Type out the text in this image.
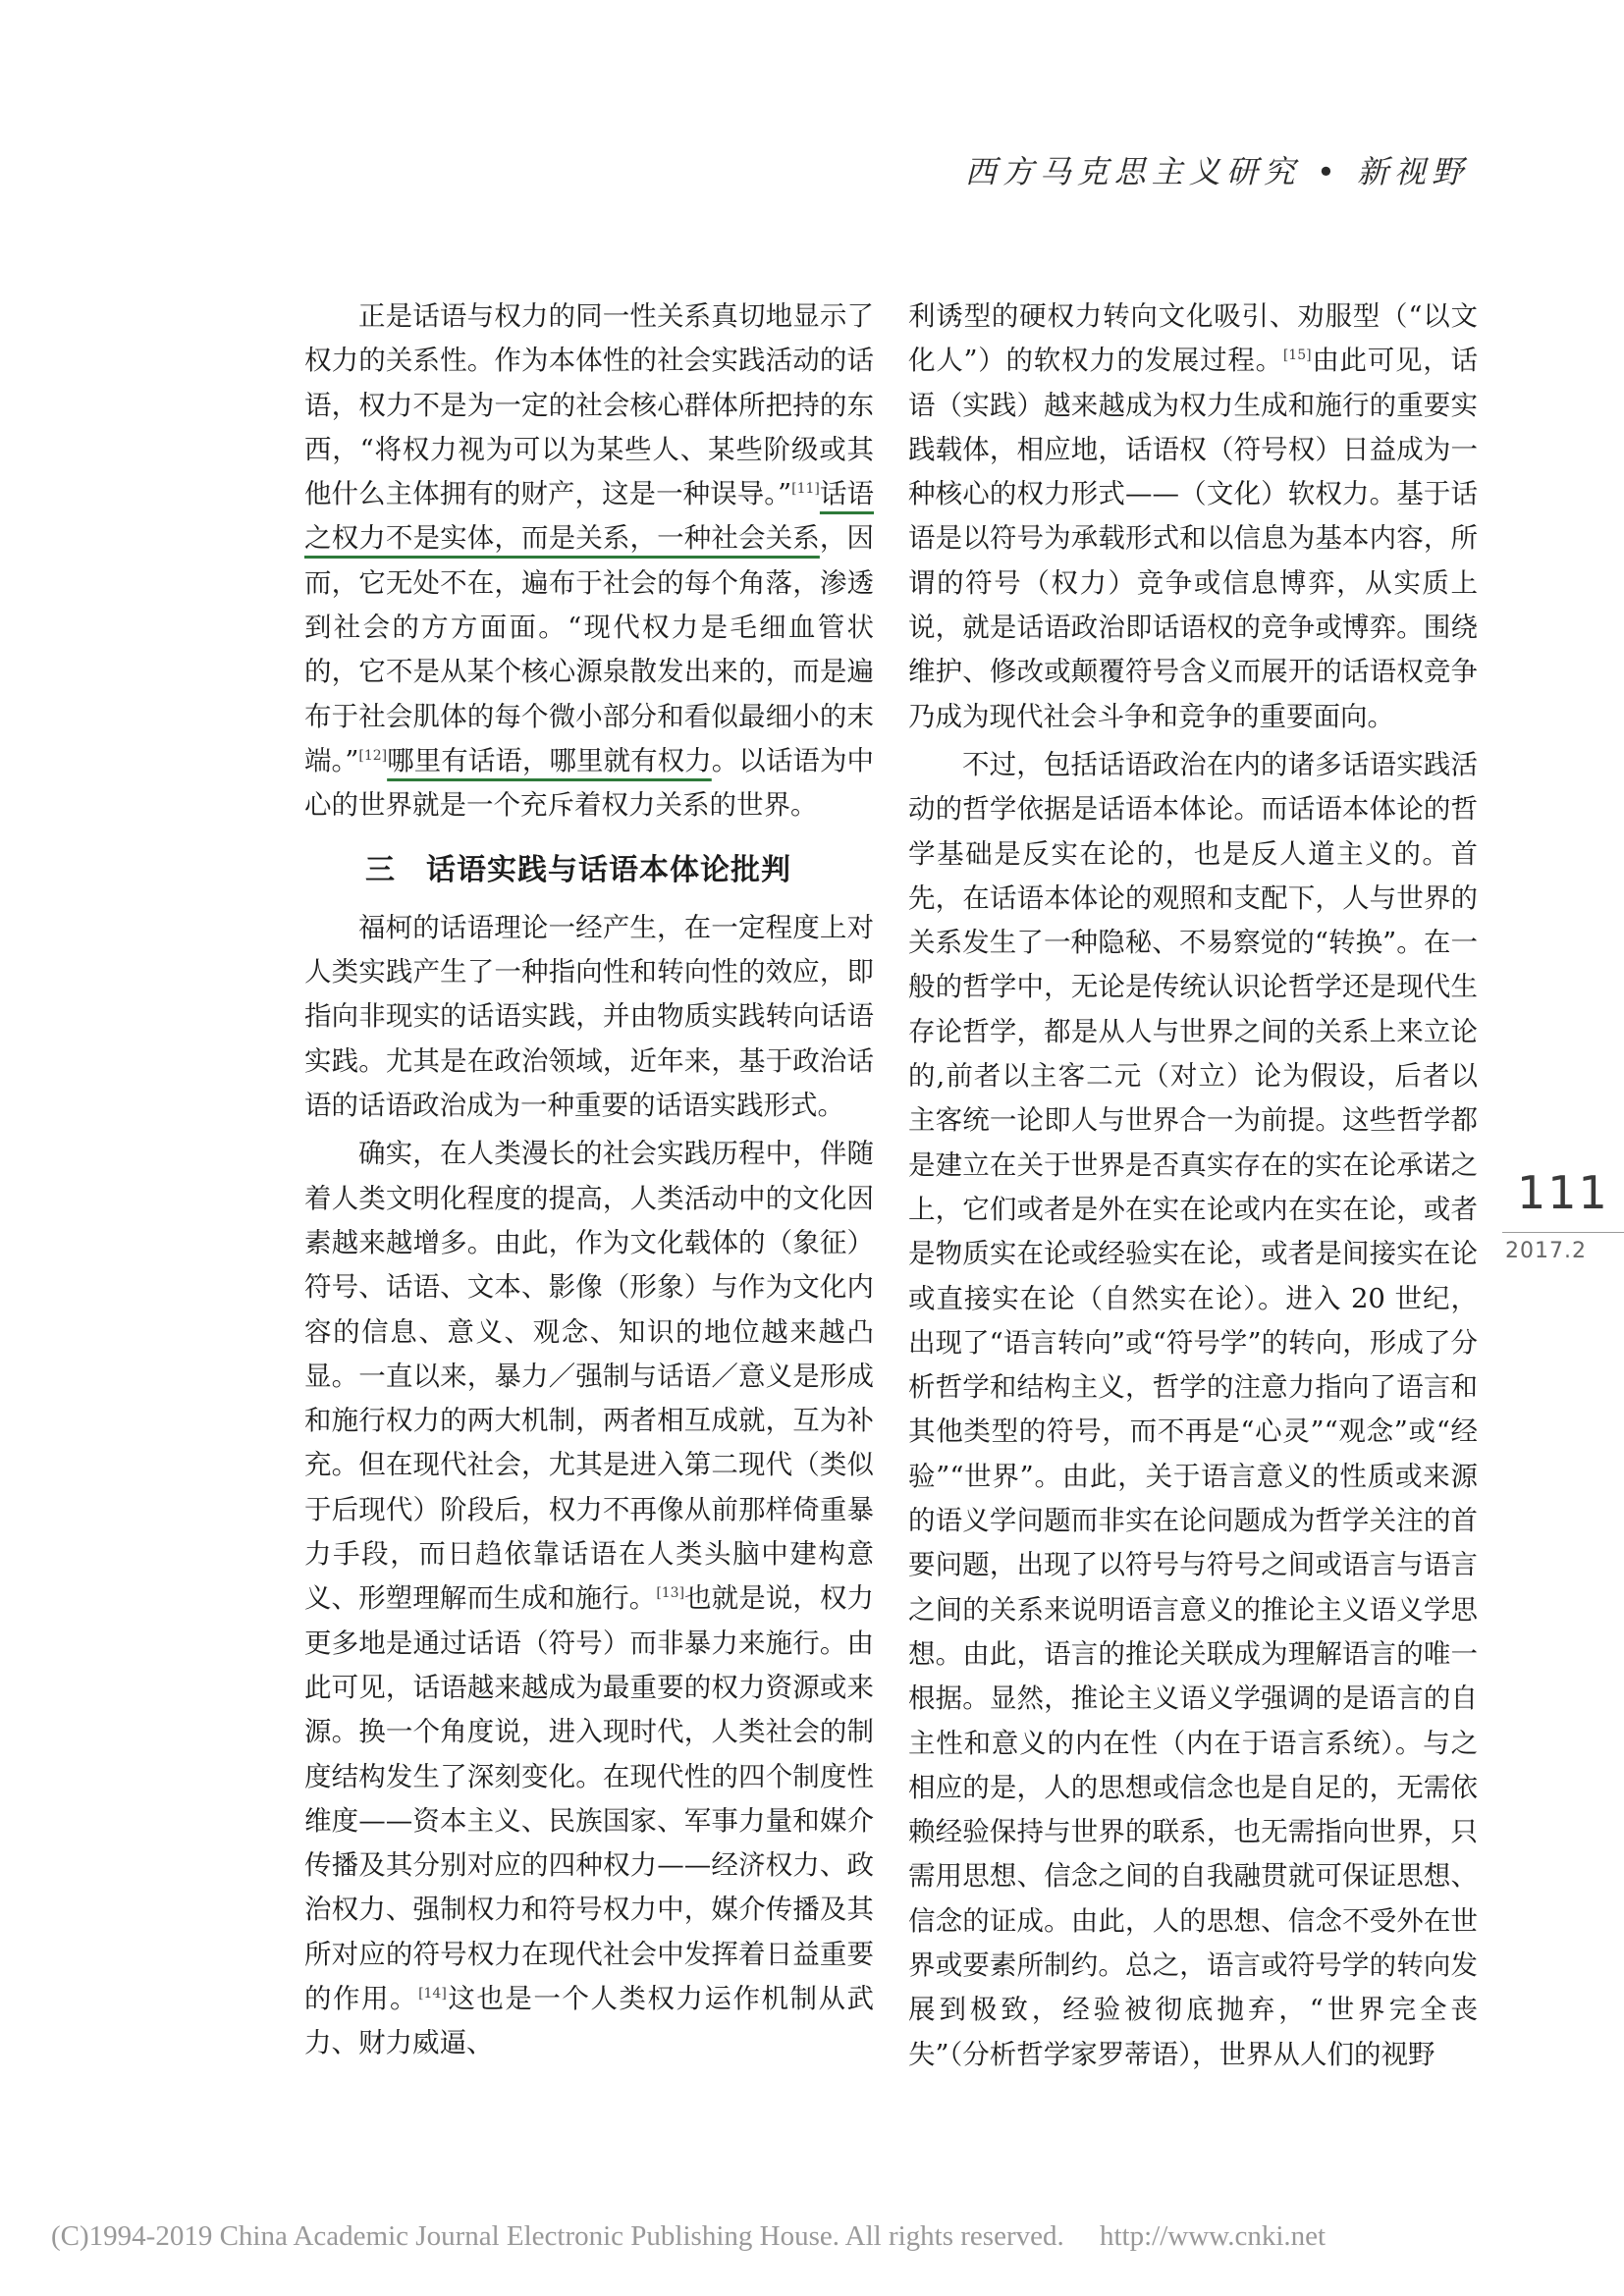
西方马克思主义研究 • 新视野

正是话语与权力的同一性关系真切地显示了权力的关系性。作为本体性的社会实践活动的话语，权力不是为一定的社会核心群体所把持的东西，“将权力视为可以为某些人、某些阶级或其他什么主体拥有的财产，这是一种误导。”[11]话语之权力不是实体，而是关系，一种社会关系，因而，它无处不在，遍布于社会的每个角落，渗透到社会的方方面面。“现代权力是毛细血管状的，它不是从某个核心源泉散发出来的，而是遍布于社会肌体的每个微小部分和看似最细小的末端。”[12]哪里有话语，哪里就有权力。以话语为中心的世界就是一个充斥着权力关系的世界。

三　话语实践与话语本体论批判

福柯的话语理论一经产生，在一定程度上对人类实践产生了一种指向性和转向性的效应，即指向非现实的话语实践，并由物质实践转向话语实践。尤其是在政治领域，近年来，基于政治话语的话语政治成为一种重要的话语实践形式。

确实，在人类漫长的社会实践历程中，伴随着人类文明化程度的提高，人类活动中的文化因素越来越增多。由此，作为文化载体的（象征）符号、话语、文本、影像（形象）与作为文化内容的信息、意义、观念、知识的地位越来越凸显。一直以来，暴力／强制与话语／意义是形成和施行权力的两大机制，两者相互成就，互为补充。但在现代社会，尤其是进入第二现代（类似于后现代）阶段后，权力不再像从前那样倚重暴力手段，而日趋依靠话语在人类头脑中建构意义、形塑理解而生成和施行。[13]也就是说，权力更多地是通过话语（符号）而非暴力来施行。由此可见，话语越来越成为最重要的权力资源或来源。换一个角度说，进入现时代，人类社会的制度结构发生了深刻变化。在现代性的四个制度性维度——资本主义、民族国家、军事力量和媒介传播及其分别对应的四种权力——经济权力、政治权力、强制权力和符号权力中，媒介传播及其所对应的符号权力在现代社会中发挥着日益重要的作用。[14]这也是一个人类权力运作机制从武力、财力威逼、

利诱型的硬权力转向文化吸引、劝服型（“以文化人”）的软权力的发展过程。[15]由此可见，话语（实践）越来越成为权力生成和施行的重要实践载体，相应地，话语权（符号权）日益成为一种核心的权力形式——（文化）软权力。基于话语是以符号为承载形式和以信息为基本内容，所谓的符号（权力）竞争或信息博弈，从实质上说，就是话语政治即话语权的竞争或博弈。围绕维护、修改或颠覆符号含义而展开的话语权竞争乃成为现代社会斗争和竞争的重要面向。

不过，包括话语政治在内的诸多话语实践活动的哲学依据是话语本体论。而话语本体论的哲学基础是反实在论的，也是反人道主义的。首先，在话语本体论的观照和支配下，人与世界的关系发生了一种隐秘、不易察觉的“转换”。在一般的哲学中，无论是传统认识论哲学还是现代生存论哲学，都是从人与世界之间的关系上来立论的,前者以主客二元（对立）论为假设，后者以主客统一论即人与世界合一为前提。这些哲学都是建立在关于世界是否真实存在的实在论承诺之上，它们或者是外在实在论或内在实在论，或者是物质实在论或经验实在论，或者是间接实在论或直接实在论（自然实在论）。进入 20 世纪，出现了“语言转向”或“符号学”的转向，形成了分析哲学和结构主义，哲学的注意力指向了语言和其他类型的符号，而不再是“心灵”“观念”或“经验”“世界”。由此，关于语言意义的性质或来源的语义学问题而非实在论问题成为哲学关注的首要问题，出现了以符号与符号之间或语言与语言之间的关系来说明语言意义的推论主义语义学思想。由此，语言的推论关联成为理解语言的唯一根据。显然，推论主义语义学强调的是语言的自主性和意义的内在性（内在于语言系统）。与之相应的是，人的思想或信念也是自足的，无需依赖经验保持与世界的联系，也无需指向世界，只需用思想、信念之间的自我融贯就可保证思想、信念的证成。由此，人的思想、信念不受外在世界或要素所制约。总之，语言或符号学的转向发展到极致，经验被彻底抛弃，“世界完全丧失”（分析哲学家罗蒂语），世界从人们的视野

111
2017.2
(C)1994-2019 China Academic Journal Electronic Publishing House. All rights reserved.　 http://www.cnki.net
